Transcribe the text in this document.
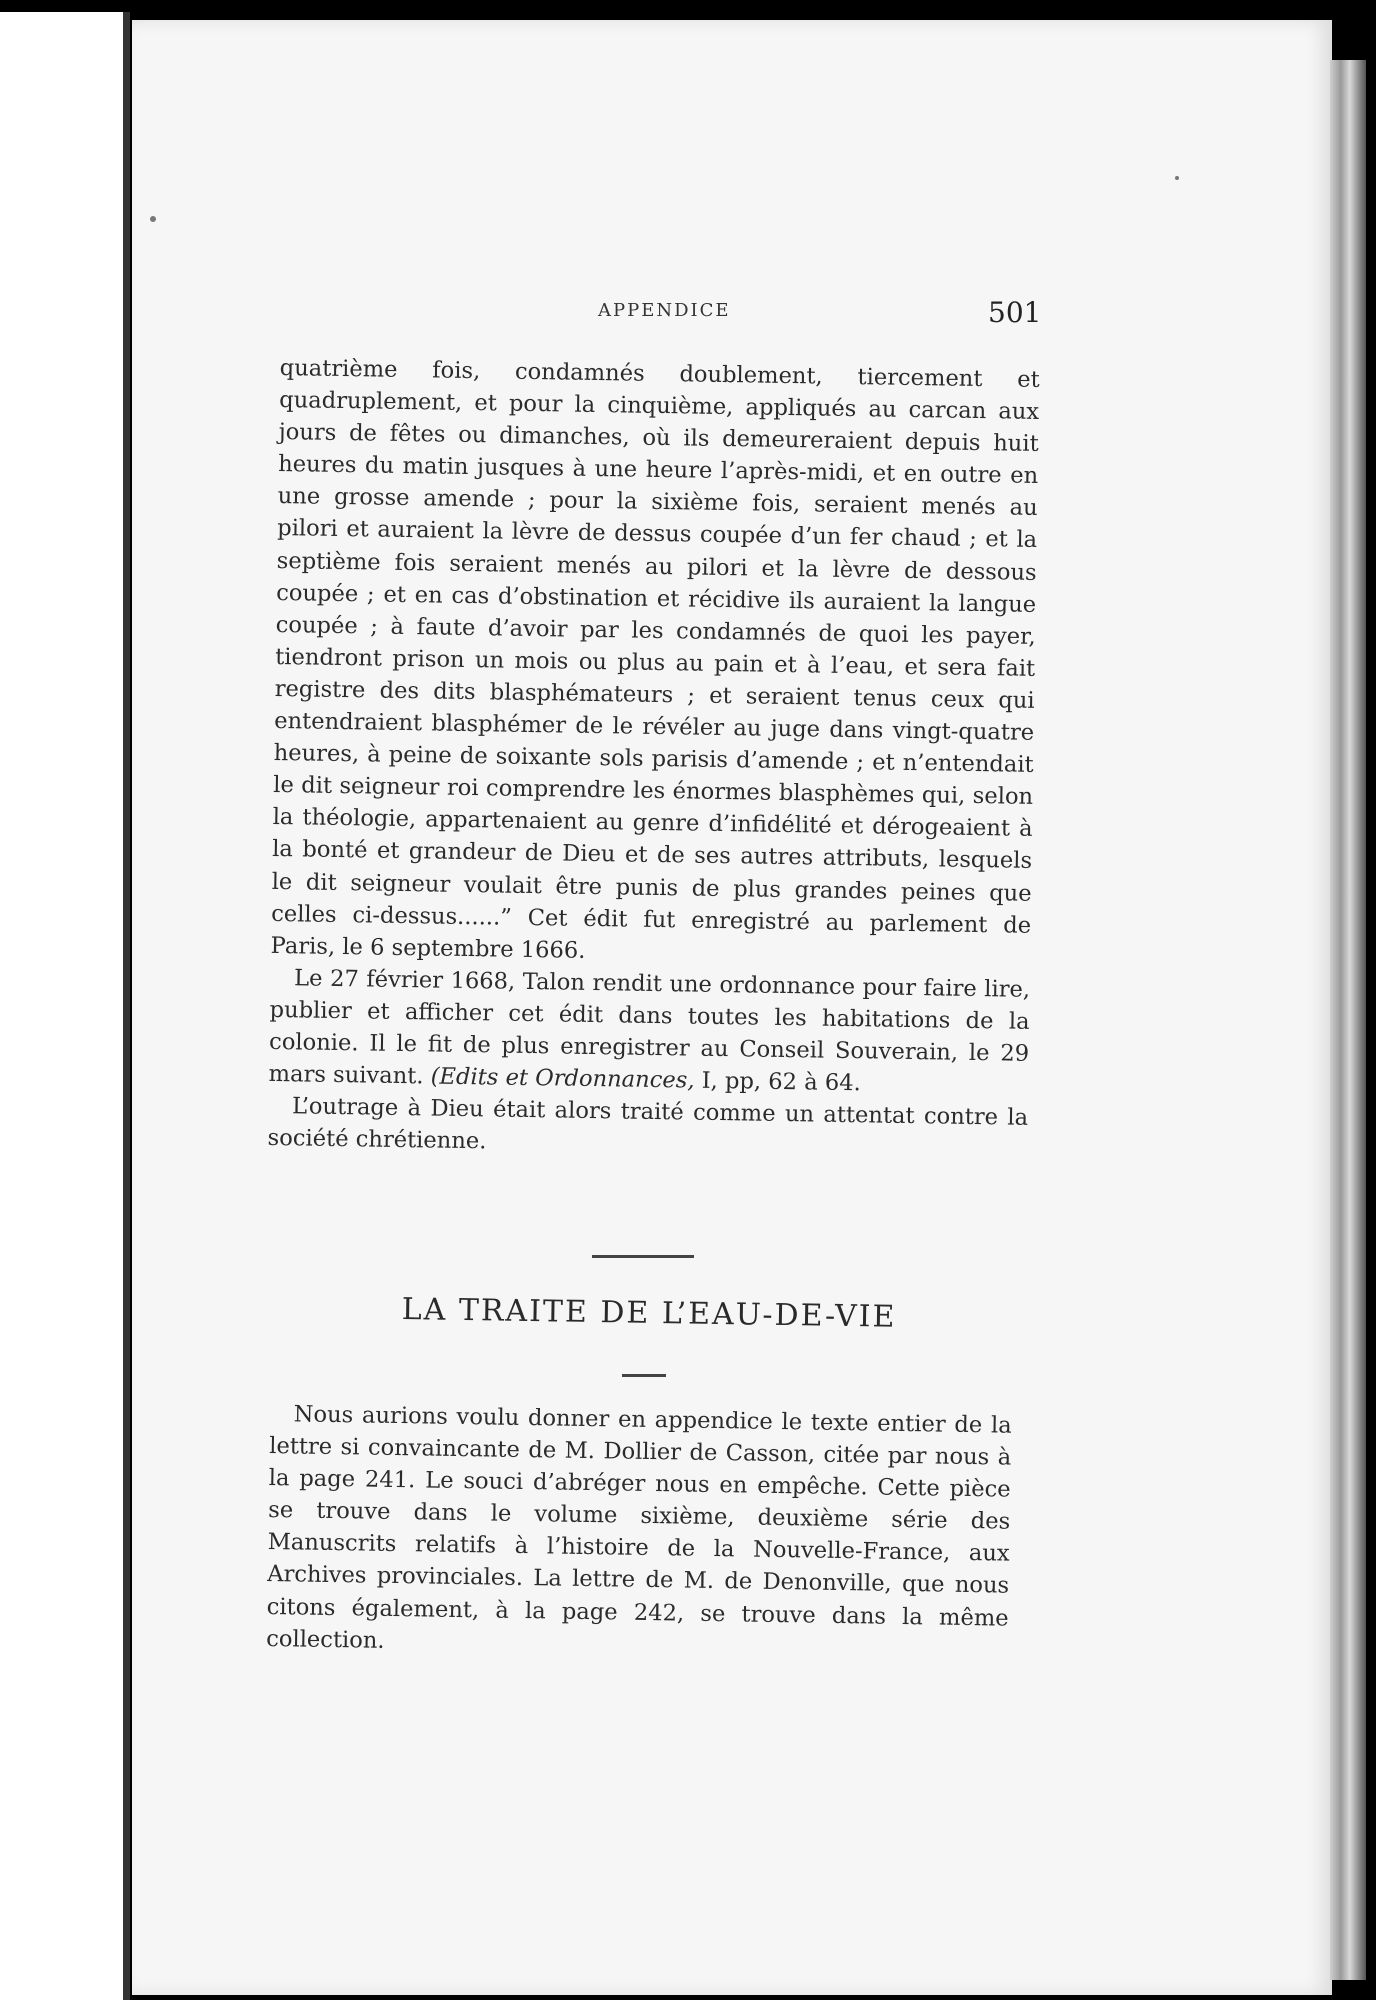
APPENDICE	501

quatrième fois, condamnés doublement, tiercement et quadruplement, et pour la cinquième, appliqués au carcan aux jours de fêtes ou dimanches, où ils demeureraient depuis huit heures du matin jusques à une heure l’après-midi, et en outre en une grosse amende ; pour la sixième fois, seraient menés au pilori et auraient la lèvre de dessus coupée d’un fer chaud ; et la septième fois seraient menés au pilori et la lèvre de dessous coupée ; et en cas d’obstination et récidive ils auraient la langue coupée ; à faute d’avoir par les condamnés de quoi les payer, tiendront prison un mois ou plus au pain et à l’eau, et sera fait registre des dits blasphémateurs ; et seraient tenus ceux qui entendraient blasphémer de le révéler au juge dans vingt-quatre heures, à peine de soixante sols parisis d’amende ; et n’entendait le dit seigneur roi comprendre les énormes blasphèmes qui, selon la théologie, appartenaient au genre d’infidélité et dérogeaient à la bonté et grandeur de Dieu et de ses autres attributs, lesquels le dit seigneur voulait être punis de plus grandes peines que celles ci-dessus......” Cet édit fut enregistré au parlement de Paris, le 6 septembre 1666.

Le 27 février 1668, Talon rendit une ordonnance pour faire lire, publier et afficher cet édit dans toutes les habitations de la colonie. Il le fit de plus enregistrer au Conseil Souverain, le 29 mars suivant. (Edits et Ordonnances, I, pp, 62 à 64.

L’outrage à Dieu était alors traité comme un attentat contre la société chrétienne.

LA TRAITE DE L’EAU-DE-VIE

Nous aurions voulu donner en appendice le texte entier de la lettre si convaincante de M. Dollier de Casson, citée par nous à la page 241. Le souci d’abréger nous en empêche. Cette pièce se trouve dans le volume sixième, deuxième série des Manuscrits relatifs à l’histoire de la Nouvelle-France, aux Archives provinciales. La lettre de M. de Denonville, que nous citons également, à la page 242, se trouve dans la même collection.
